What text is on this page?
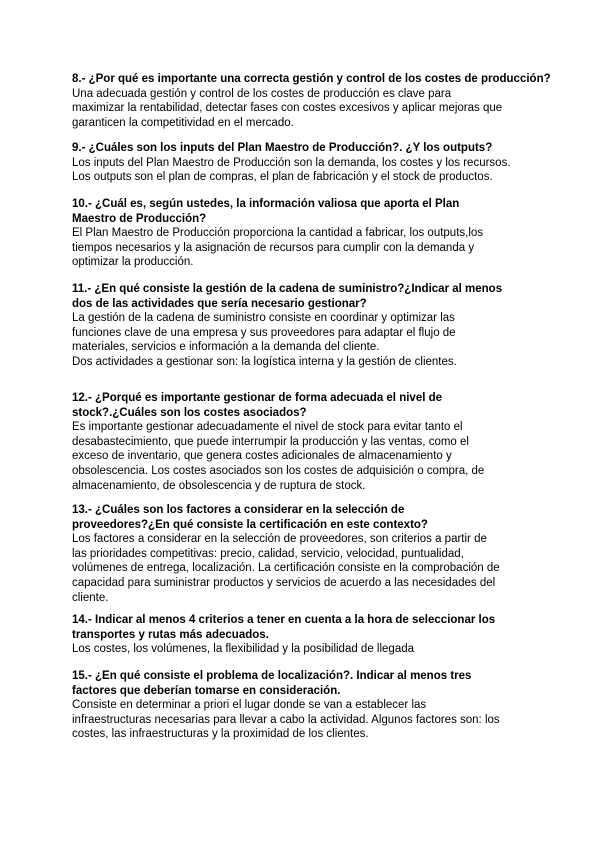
8.- ¿Por qué es importante una correcta gestión y control de los costes de producción?
Una adecuada gestión y control de los costes de producción es clave para
maximizar la rentabilidad, detectar fases con costes excesivos y aplicar mejoras que
garanticen la competitividad en el mercado.
9.- ¿Cuáles son los inputs del Plan Maestro de Producción?. ¿Y los outputs?
Los inputs del Plan Maestro de Producción son la demanda, los costes y los recursos.
Los outputs son el plan de compras, el plan de fabricación y el stock de productos.
10.- ¿Cuál es, según ustedes, la información valiosa que aporta el Plan
Maestro de Producción?
El Plan Maestro de Producción proporciona la cantidad a fabricar, los outputs,los
tiempos necesarios y la asignación de recursos para cumplir con la demanda y
optimizar la producción.
11.- ¿En qué consiste la gestión de la cadena de suministro?¿Indicar al menos
dos de las actividades que sería necesario gestionar?
La gestión de la cadena de suministro consiste en coordinar y optimizar las
funciones clave de una empresa y sus proveedores para adaptar el flujo de
materiales, servicios e información a la demanda del cliente.
Dos actividades a gestionar son: la logística interna y la gestión de clientes.
12.- ¿Porqué es importante gestionar de forma adecuada el nivel de
stock?.¿Cuáles son los costes asociados?
Es importante gestionar adecuadamente el nivel de stock para evitar tanto el
desabastecimiento, que puede interrumpir la producción y las ventas, como el
exceso de inventario, que genera costes adicionales de almacenamiento y
obsolescencia. Los costes asociados son los costes de adquisición o compra, de
almacenamiento, de obsolescencia y de ruptura de stock.
13.- ¿Cuáles son los factores a considerar en la selección de
proveedores?¿En qué consiste la certificación en este contexto?
Los factores a considerar en la selección de proveedores, son criterios a partir de
las prioridades competitivas: precio, calidad, servicio, velocidad, puntualidad,
volúmenes de entrega, localización. La certificación consiste en la comprobación de
capacidad para suministrar productos y servicios de acuerdo a las necesidades del
cliente.
14.- Indicar al menos 4 criterios a tener en cuenta a la hora de seleccionar los
transportes y rutas más adecuados.
Los costes, los volúmenes, la flexibilidad y la posibilidad de llegada
15.- ¿En qué consiste el problema de localización?. Indicar al menos tres
factores que deberían tomarse en consideración.
Consiste en determinar a priori el lugar donde se van a establecer las
infraestructuras necesarias para llevar a cabo la actividad. Algunos factores son: los
costes, las infraestructuras y la proximidad de los clientes.
